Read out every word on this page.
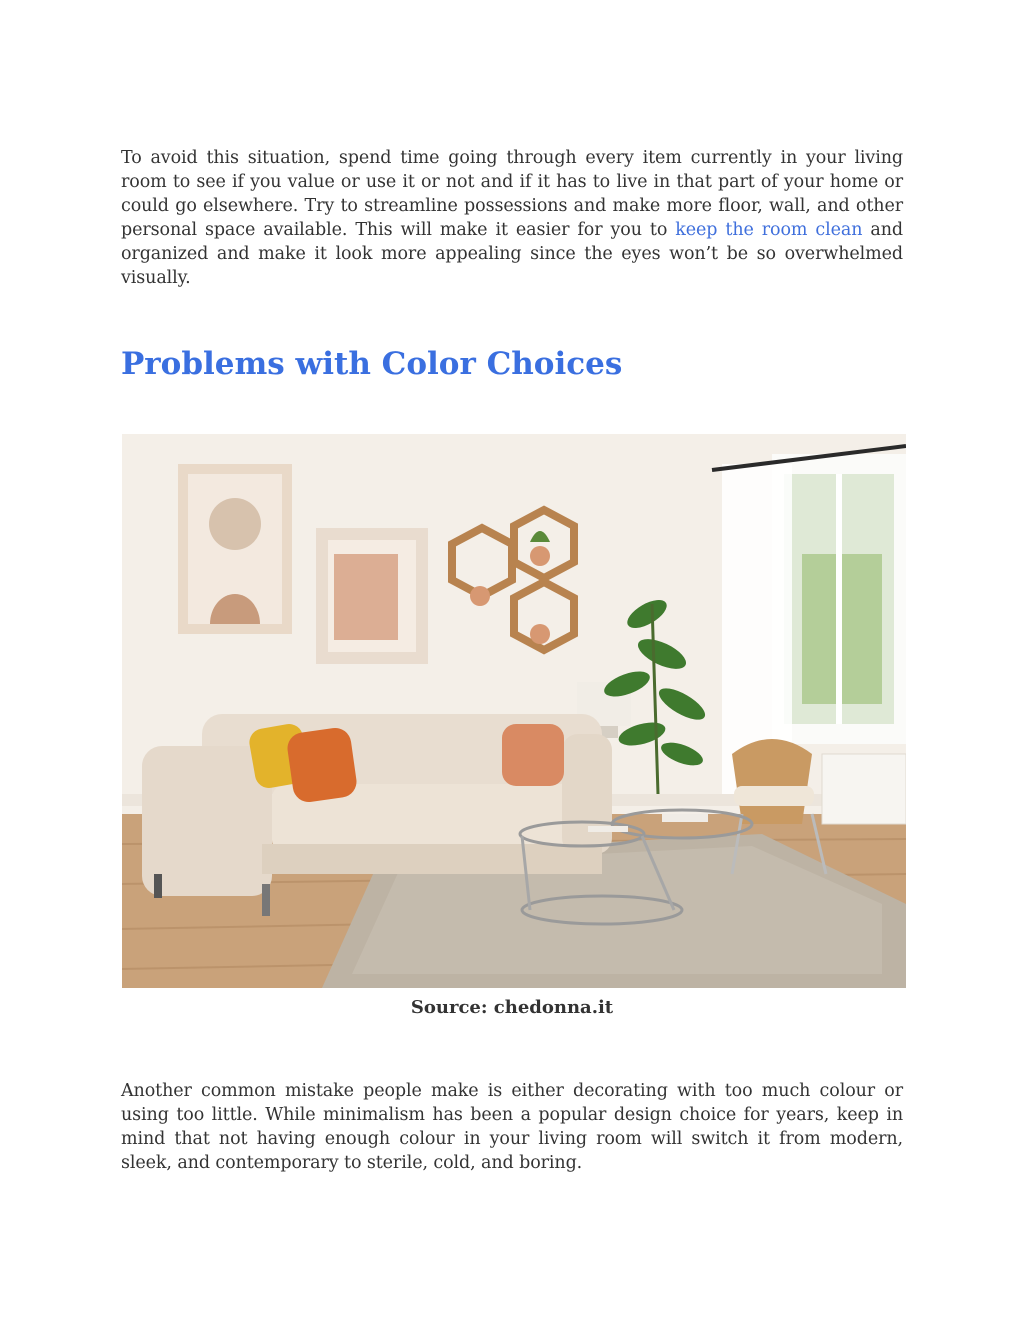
To avoid this situation, spend time going through every item currently in your living room to see if you value or use it or not and if it has to live in that part of your home or could go elsewhere. Try to streamline possessions and make more floor, wall, and other personal space available. This will make it easier for you to keep the room clean and organized and make it look more appealing since the eyes won’t be so overwhelmed visually.

Problems with Color Choices

Source: chedonna.it

Another common mistake people make is either decorating with too much colour or using too little. While minimalism has been a popular design choice for years, keep in mind that not having enough colour in your living room will switch it from modern, sleek, and contemporary to sterile, cold, and boring.
